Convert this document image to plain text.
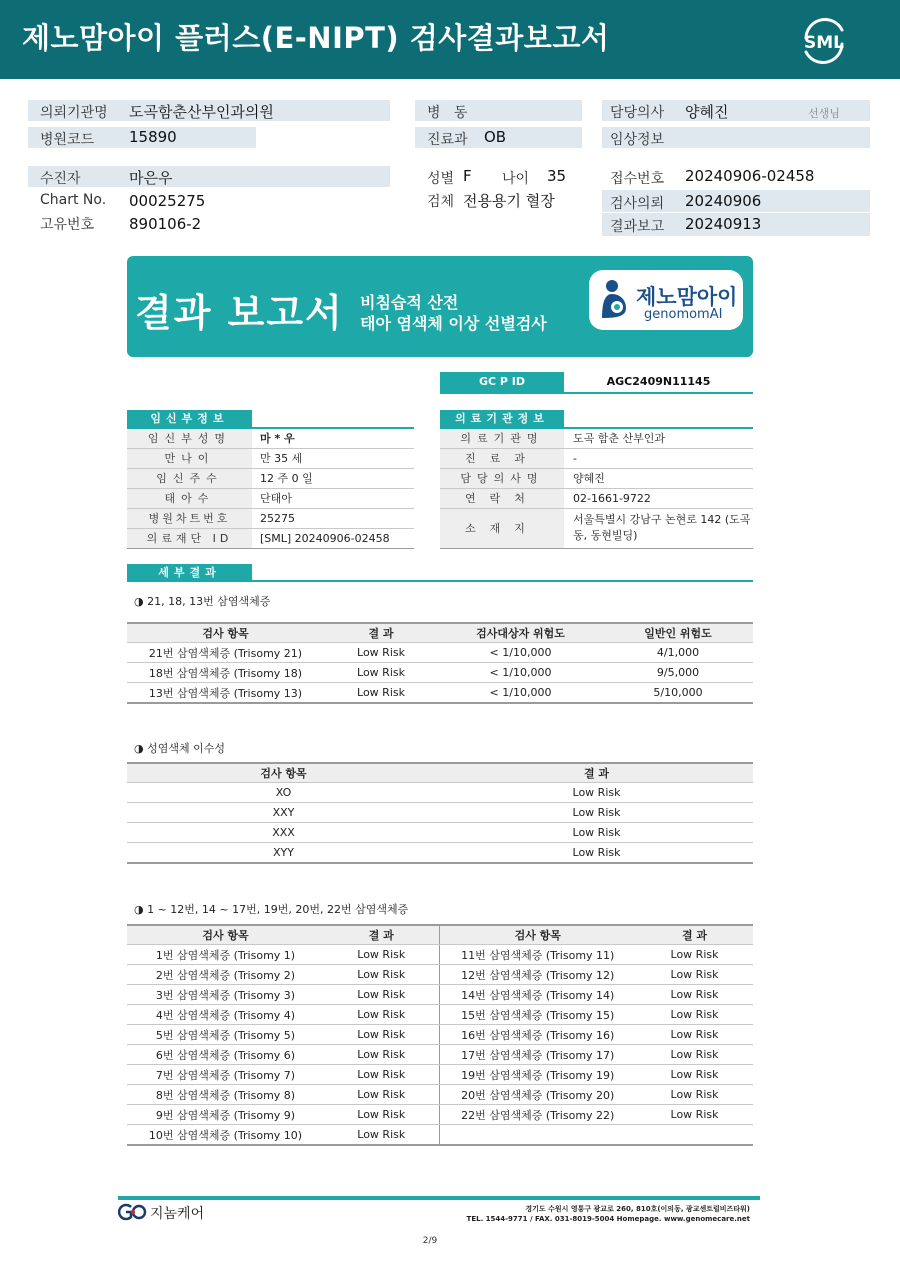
제노맘아이 플러스(E-NIPT) 검사결과보고서	SML
의뢰기관명 도곡함춘산부인과의원
병원코드 15890
병   동
진료과 OB
담당의사 양혜진	선생님
임상정보
수진자	마은우
Chart No. 00025275
고유번호 890106-2
성별 F 나이 35
검체 전용용기 혈장
접수번호 20240906-02458
검사의뢰 20240906
결과보고 20240913
결과 보고서 비침습적 산전
태아 염색체 이상 선별검사
제노맘아이
genomomAI
GC P ID	AGC2409N11145
임신부정보
임신부성명	마 * 우
만나이	만 35 세
임신주수	12 주 0 일
태아수	단태아
병원차트번호	25275
의료재단 ID	[SML] 20240906-02458
의료기관정보
의료기관명	도곡 함춘 산부인과
진료과	-
담당의사명	양혜진
연락처	02-1661-9722
소재지
서울특별시 강남구 논현로 142 (도곡
동, 동현빌딩)
세부결과
◑ 21, 18, 13번 삼염색체증
검사 항목	결 과	검사대상자 위험도	일반인 위험도
21번 삼염색체증 (Trisomy 21)	Low Risk	< 1/10,000	4/1,000
18번 삼염색체증 (Trisomy 18)	Low Risk	< 1/10,000	9/5,000
13번 삼염색체증 (Trisomy 13)	Low Risk	< 1/10,000	5/10,000
◑ 성염색체 이수성
검사 항목	결 과
XO	Low Risk
XXY	Low Risk
XXX	Low Risk
XYY	Low Risk
◑ 1 ~ 12번, 14 ~ 17번, 19번, 20번, 22번 삼염색체증
검사 항목	결 과	검사 항목	결 과
1번 삼염색체증 (Trisomy 1)	Low Risk	11번 삼염색체증 (Trisomy 11)	Low Risk
2번 삼염색체증 (Trisomy 2)	Low Risk	12번 삼염색체증 (Trisomy 12)	Low Risk
3번 삼염색체증 (Trisomy 3)	Low Risk	14번 삼염색체증 (Trisomy 14)	Low Risk
4번 삼염색체증 (Trisomy 4)	Low Risk	15번 삼염색체증 (Trisomy 15)	Low Risk
5번 삼염색체증 (Trisomy 5)	Low Risk	16번 삼염색체증 (Trisomy 16)	Low Risk
6번 삼염색체증 (Trisomy 6)	Low Risk	17번 삼염색체증 (Trisomy 17)	Low Risk
7번 삼염색체증 (Trisomy 7)	Low Risk	19번 삼염색체증 (Trisomy 19)	Low Risk
8번 삼염색체증 (Trisomy 8)	Low Risk	20번 삼염색체증 (Trisomy 20)	Low Risk
9번 삼염색체증 (Trisomy 9)	Low Risk	22번 삼염색체증 (Trisomy 22)	Low Risk
10번 삼염색체증 (Trisomy 10)	Low Risk		
지놈케어	경기도 수원시 영통구 광교로 260, 810호(이의동, 광교센트럴비즈타워)
TEL. 1544-9771 / FAX. 031-8019-5004 Homepage. www.genomecare.net
2/9
